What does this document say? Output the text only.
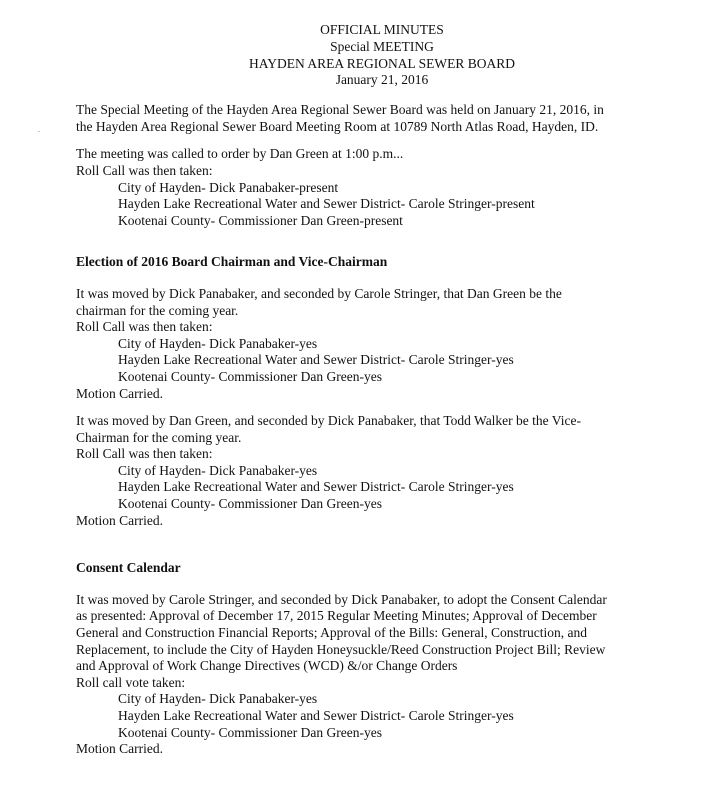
OFFICIAL MINUTES
Special MEETING
HAYDEN AREA REGIONAL SEWER BOARD
January 21, 2016

The Special Meeting of the Hayden Area Regional Sewer Board was held on January 21, 2016, in

the Hayden Area Regional Sewer Board Meeting Room at 10789 North Atlas Road, Hayden, ID.

The meeting was called to order by Dan Green at 1:00 p.m...

Roll Call was then taken:

City of Hayden- Dick Panabaker-present

Hayden Lake Recreational Water and Sewer District- Carole Stringer-present

Kootenai County- Commissioner Dan Green-present

Election of 2016 Board Chairman and Vice-Chairman

It was moved by Dick Panabaker, and seconded by Carole Stringer, that Dan Green be the

chairman for the coming year.

Roll Call was then taken:

City of Hayden- Dick Panabaker-yes

Hayden Lake Recreational Water and Sewer District- Carole Stringer-yes

Kootenai County- Commissioner Dan Green-yes

Motion Carried.

It was moved by Dan Green, and seconded by Dick Panabaker, that Todd Walker be the Vice-

Chairman for the coming year.

Roll Call was then taken:

City of Hayden- Dick Panabaker-yes

Hayden Lake Recreational Water and Sewer District- Carole Stringer-yes

Kootenai County- Commissioner Dan Green-yes

Motion Carried.

Consent Calendar

It was moved by Carole Stringer, and seconded by Dick Panabaker, to adopt the Consent Calendar

as presented: Approval of December 17, 2015 Regular Meeting Minutes; Approval of December

General and Construction Financial Reports; Approval of the Bills: General, Construction, and

Replacement, to include the City of Hayden Honeysuckle/Reed Construction Project Bill; Review

and Approval of Work Change Directives (WCD) &/or Change Orders

Roll call vote taken:

City of Hayden- Dick Panabaker-yes

Hayden Lake Recreational Water and Sewer District- Carole Stringer-yes

Kootenai County- Commissioner Dan Green-yes

Motion Carried.
